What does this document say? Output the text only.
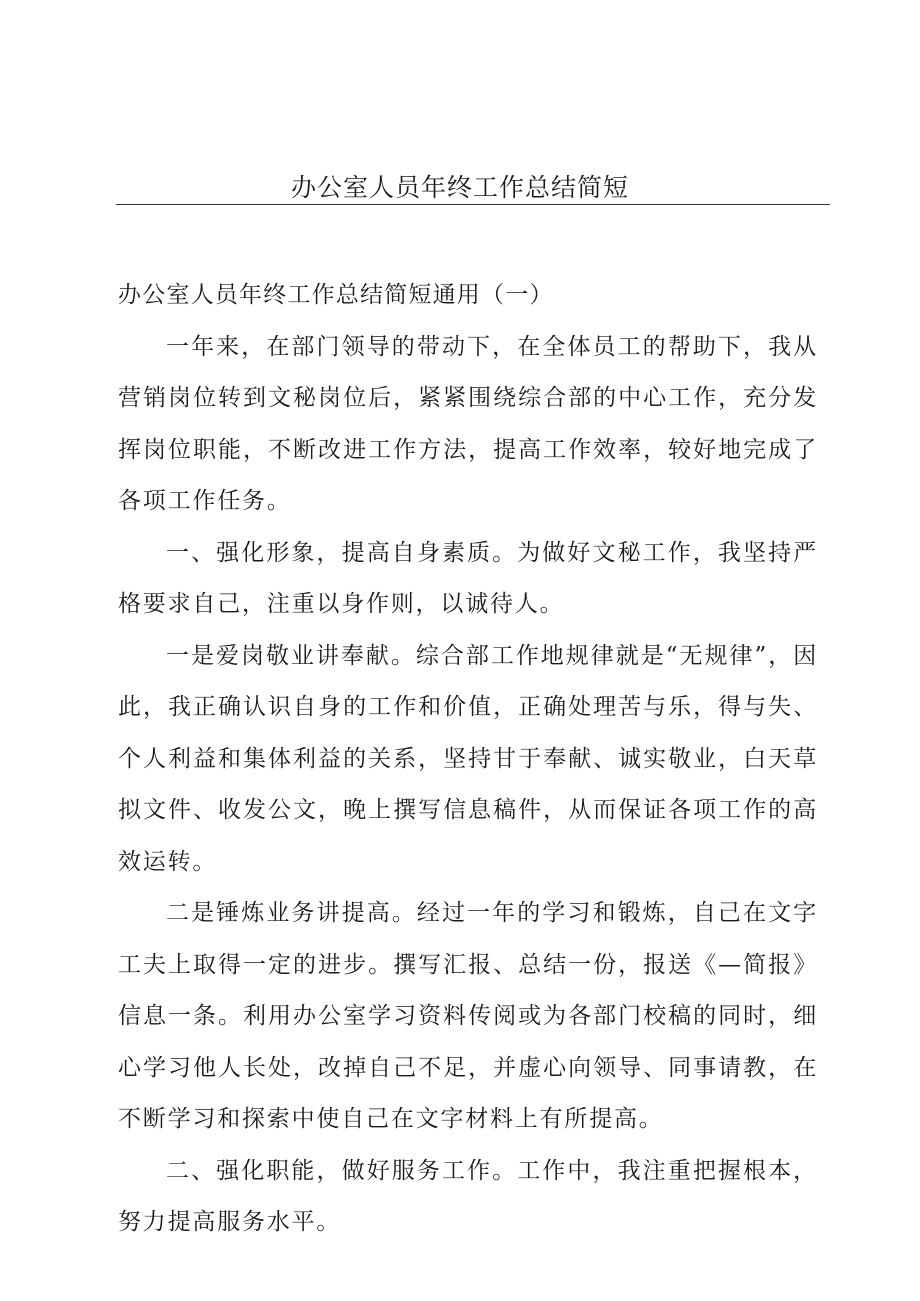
办公室人员年终工作总结简短

办公室人员年终工作总结简短通用（一）

一年来，在部门领导的带动下，在全体员工的帮助下，我从营销岗位转到文秘岗位后，紧紧围绕综合部的中心工作，充分发挥岗位职能，不断改进工作方法，提高工作效率，较好地完成了各项工作任务。

一、强化形象，提高自身素质。为做好文秘工作，我坚持严格要求自己，注重以身作则，以诚待人。

一是爱岗敬业讲奉献。综合部工作地规律就是“无规律”，因此，我正确认识自身的工作和价值，正确处理苦与乐，得与失、个人利益和集体利益的关系，坚持甘于奉献、诚实敬业，白天草拟文件、收发公文，晚上撰写信息稿件，从而保证各项工作的高效运转。

二是锤炼业务讲提高。经过一年的学习和锻炼，自己在文字工夫上取得一定的进步。撰写汇报、总结一份，报送《—简报》信息一条。利用办公室学习资料传阅或为各部门校稿的同时，细心学习他人长处，改掉自己不足，并虚心向领导、同事请教，在不断学习和探索中使自己在文字材料上有所提高。

二、强化职能，做好服务工作。工作中，我注重把握根本，努力提高服务水平。
